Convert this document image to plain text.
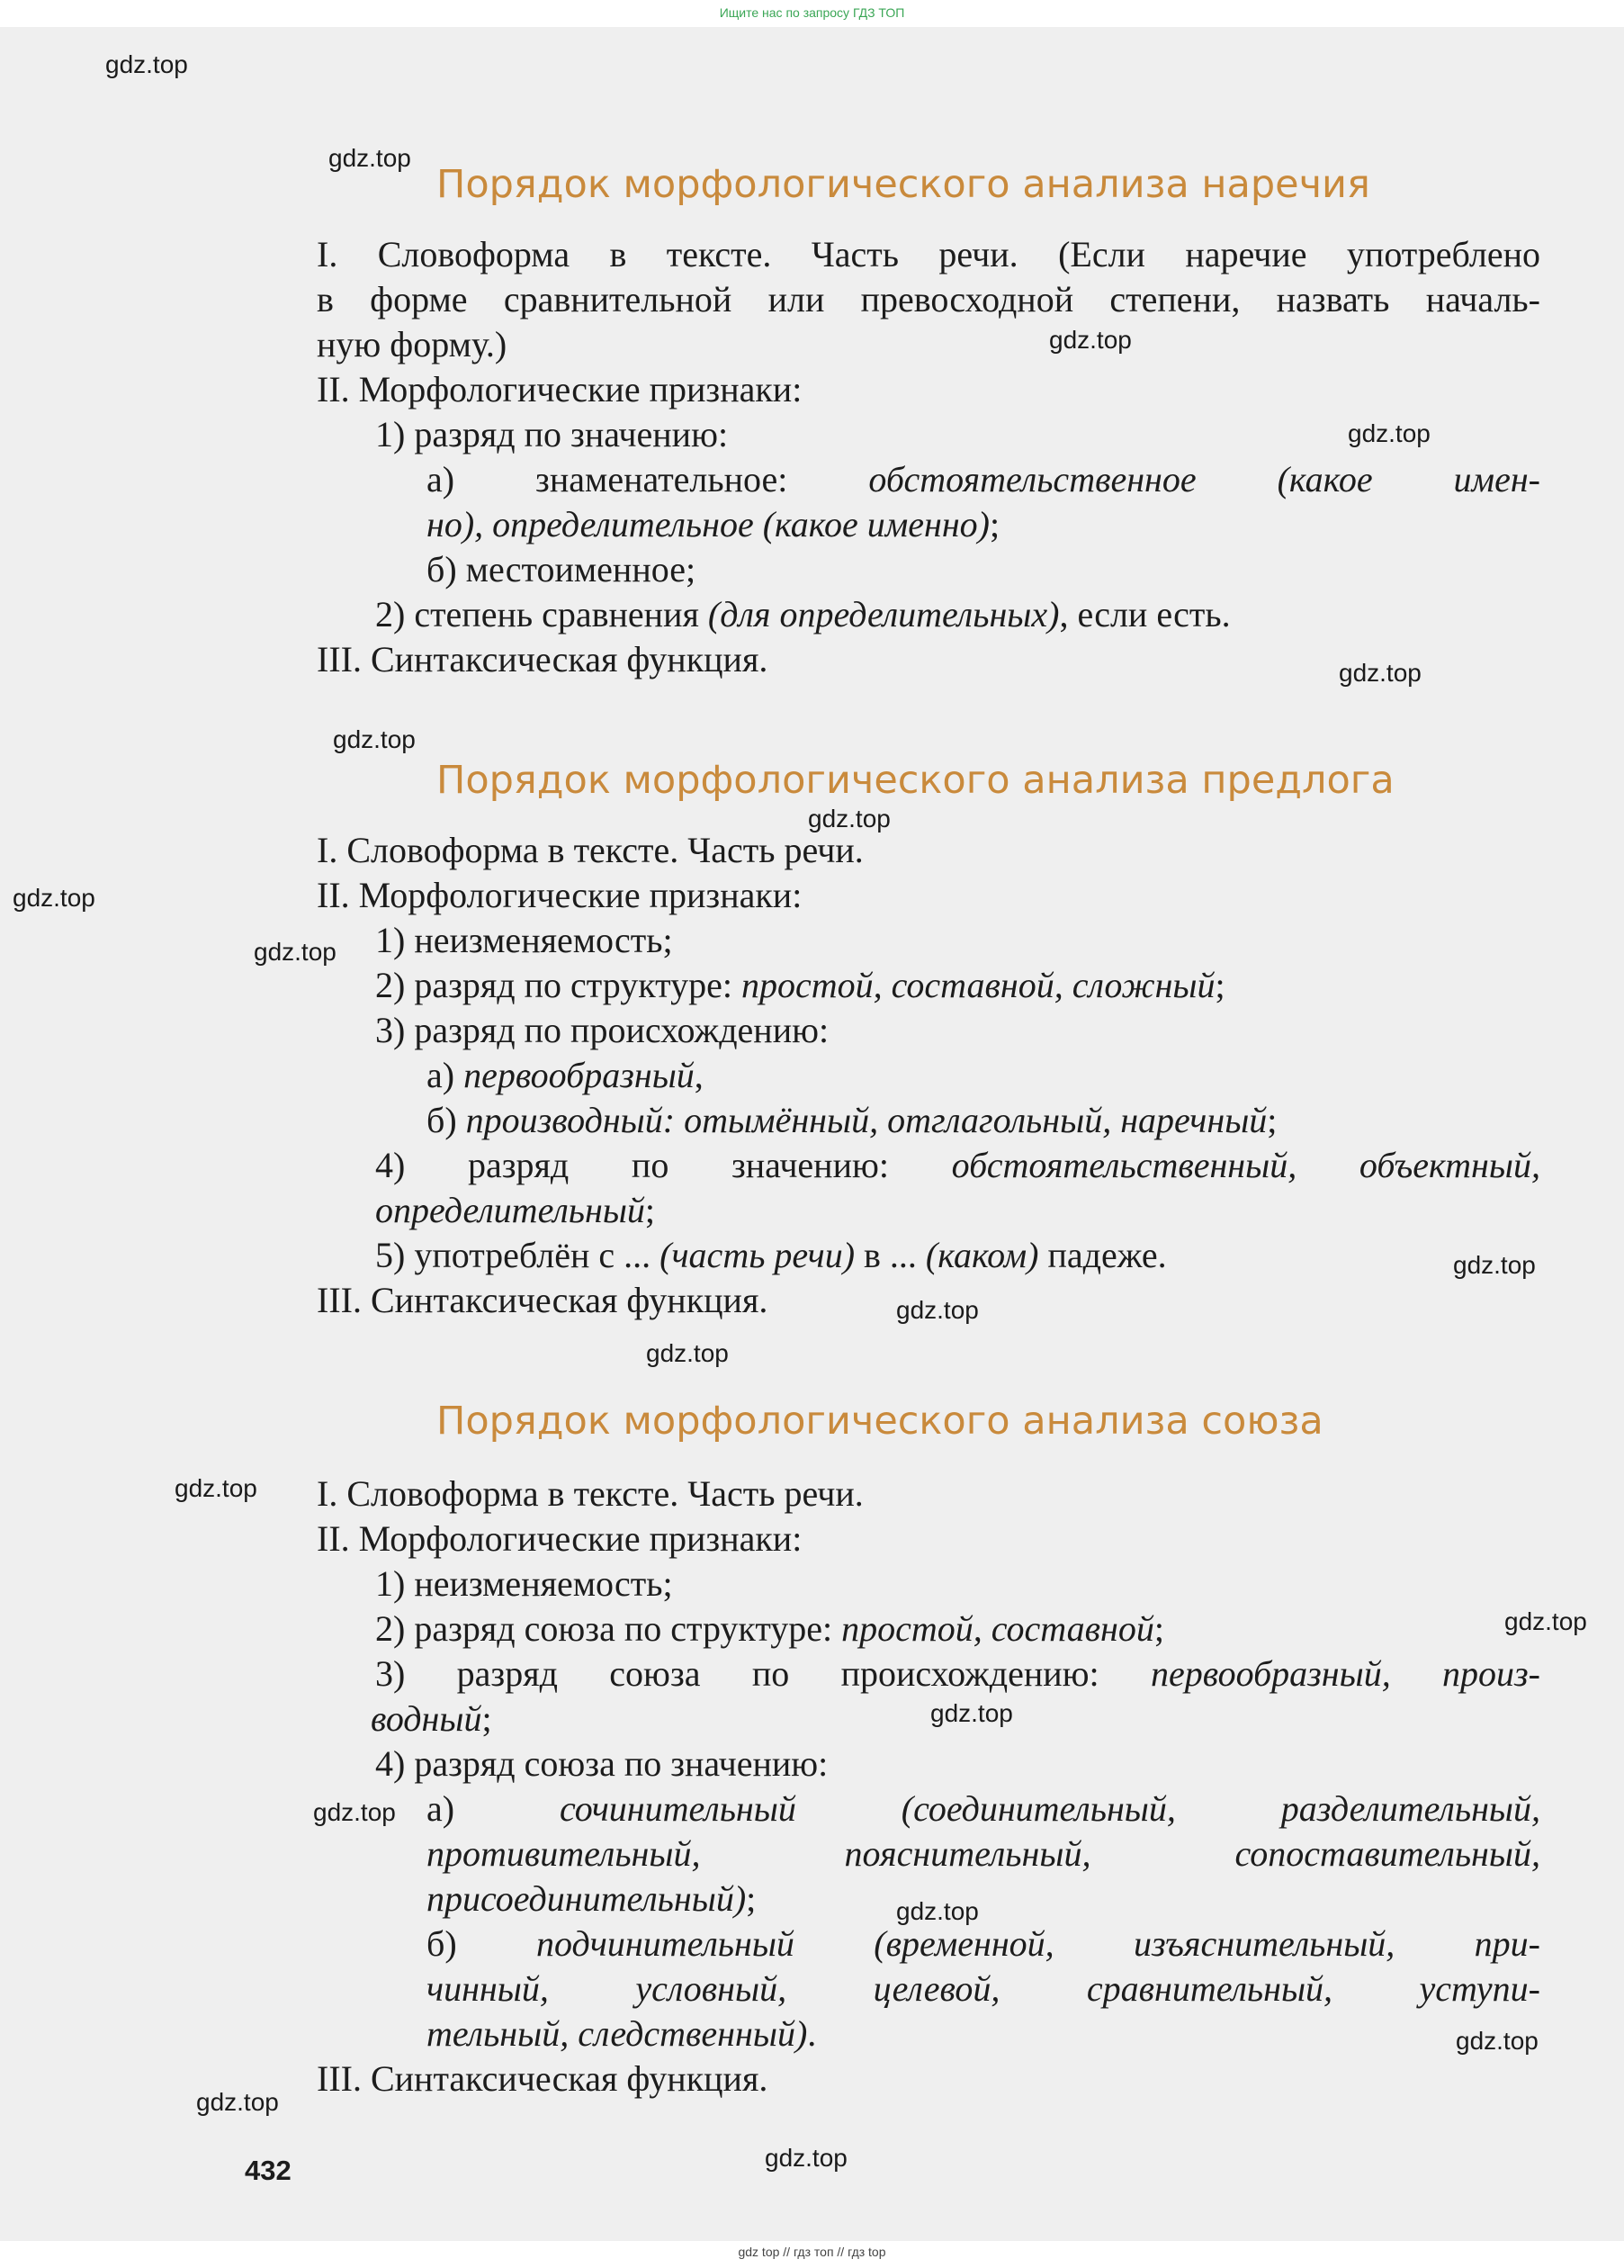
Ищите нас по запросу ГДЗ ТОП
Порядок морфологического анализа наречия
I. Словоформа в тексте. Часть речи. (Если наречие употреблено
в форме сравнительной или превосходной степени, назвать началь-
ную форму.)
II. Морфологические признаки:
1) разряд по значению:
а) знаменательное: обстоятельственное (какое имен-
но), определительное (какое именно);
б) местоименное;
2) степень сравнения (для определительных), если есть.
III. Синтаксическая функция.
Порядок морфологического анализа предлога
I. Словоформа в тексте. Часть речи.
II. Морфологические признаки:
1) неизменяемость;
2) разряд по структуре: простой, составной, сложный;
3) разряд по происхождению:
а) первообразный,
б) производный: отымённый, отглагольный, наречный;
4) разряд по значению: обстоятельственный, объектный,
определительный;
5) употреблён с ... (часть речи) в ... (каком) падеже.
III. Синтаксическая функция.
Порядок морфологического анализа союза
I. Словоформа в тексте. Часть речи.
II. Морфологические признаки:
1) неизменяемость;
2) разряд союза по структуре: простой, составной;
3) разряд союза по происхождению: первообразный, произ-
водный;
4) разряд союза по значению:
а) сочинительный (соединительный, разделительный,
противительный, пояснительный, сопоставительный,
присоединительный);
б) подчинительный (временной, изъяснительный, при-
чинный, условный, целевой, сравнительный, уступи-
тельный, следственный).
III. Синтаксическая функция.
432
gdz.top
gdz.top
gdz.top
gdz.top
gdz.top
gdz.top
gdz.top
gdz.top
gdz.top
gdz.top
gdz.top
gdz.top
gdz.top
gdz.top
gdz.top
gdz.top
gdz.top
gdz.top
gdz.top
gdz.top
gdz top // гдз топ // гдз top
